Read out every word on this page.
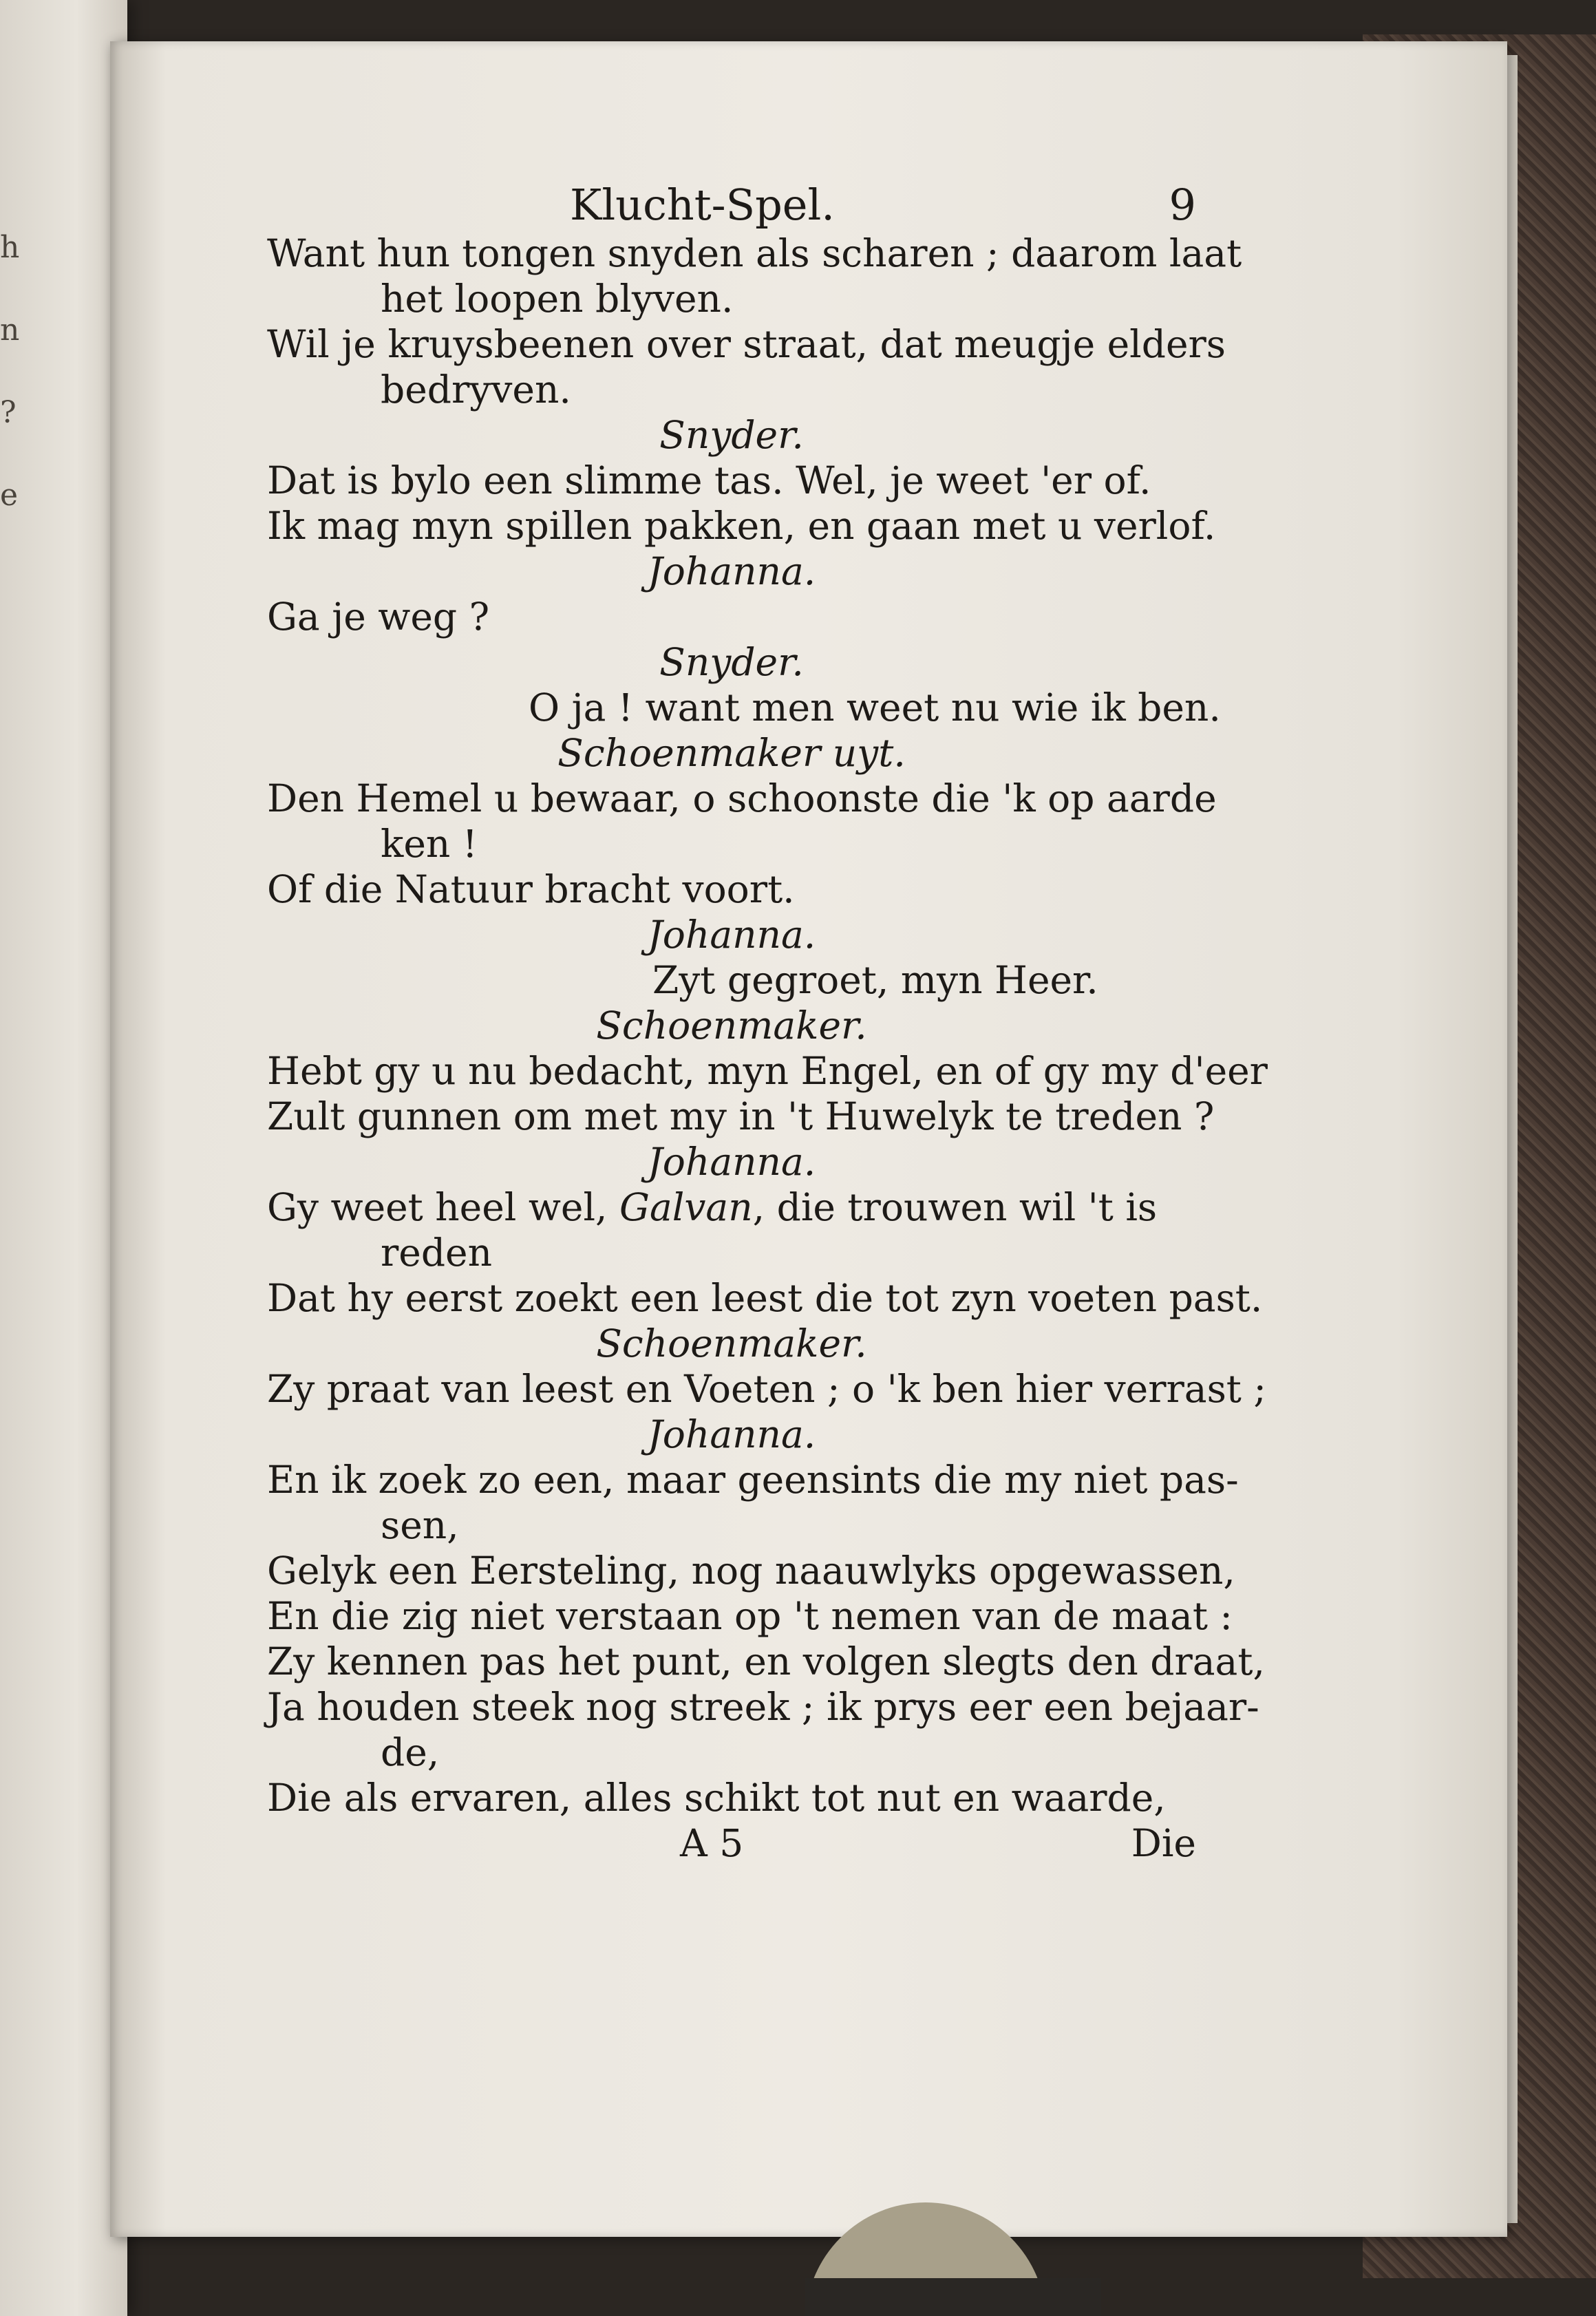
h
n
?
e
Klucht-Spel.	9
Want hun tongen snyden als scharen ; daarom laat
het loopen blyven.
Wil je kruysbeenen over straat, dat meugje elders
bedryven.
Snyder.
Dat is bylo een slimme tas. Wel, je weet 'er of.
Ik mag myn spillen pakken, en gaan met u verlof.
Johanna.
Ga je weg ?
Snyder.
O ja ! want men weet nu wie ik ben.
Schoenmaker uyt.
Den Hemel u bewaar, o schoonste die 'k op aarde
ken !
Of die Natuur bracht voort.
Johanna.
Zyt gegroet, myn Heer.
Schoenmaker.
Hebt gy u nu bedacht, myn Engel, en of gy my d'eer
Zult gunnen om met my in 't Huwelyk te treden ?
Johanna.
Gy weet heel wel, Galvan, die trouwen wil 't is
reden
Dat hy eerst zoekt een leest die tot zyn voeten past.
Schoenmaker.
Zy praat van leest en Voeten ; o 'k ben hier verrast ;
Johanna.
En ik zoek zo een, maar geensints die my niet pas-
sen,
Gelyk een Eersteling, nog naauwlyks opgewassen,
En die zig niet verstaan op 't nemen van de maat :
Zy kennen pas het punt, en volgen slegts den draat,
Ja houden steek nog streek ; ik prys eer een bejaar-
de,
Die als ervaren, alles schikt tot nut en waarde,
A 5	Die
